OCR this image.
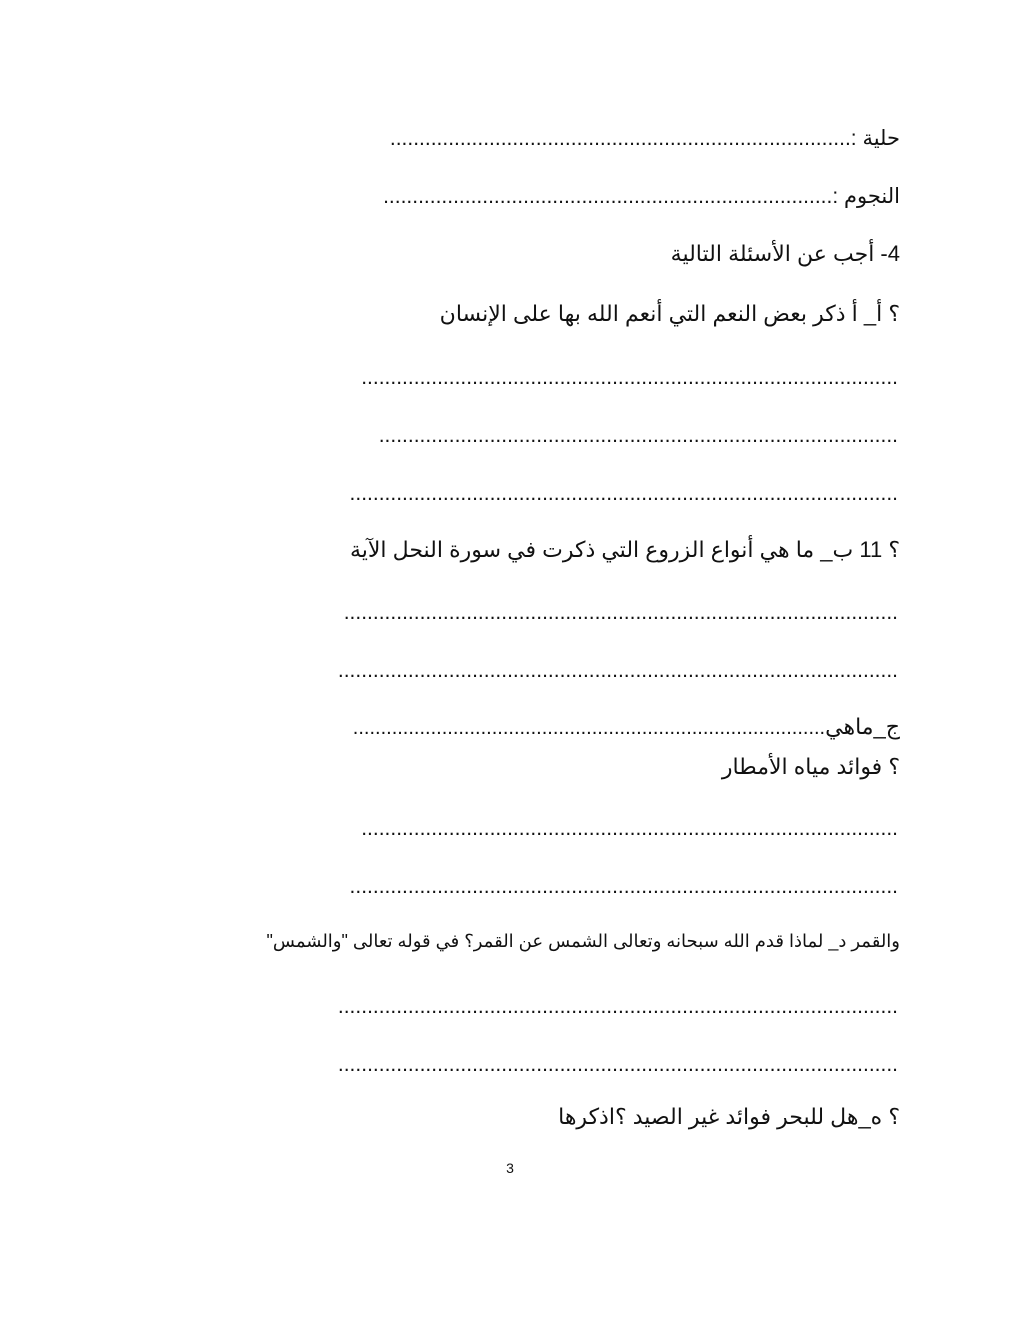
...............................................................................حلية :
.............................................................................النجوم :
4- أجب عن الأسئلة التالية
؟ أ_ أ ذكر بعض النعم التي أنعم الله بها على الإنسان
............................................................................................
.........................................................................................
..............................................................................................
؟ 11 ب_ ما هي أنواع الزروع التي ذكرت في سورة النحل الآية
...............................................................................................
................................................................................................
.....................................................................................ج_ماهي
؟ فوائد مياه الأمطار
............................................................................................
..............................................................................................
"والقمر د_ لماذا قدم الله سبحانه وتعالى الشمس عن القمر؟ في قوله تعالى "والشمس
................................................................................................
................................................................................................
؟ ه_هل للبحر فوائد غير الصيد ؟اذكرها
3
